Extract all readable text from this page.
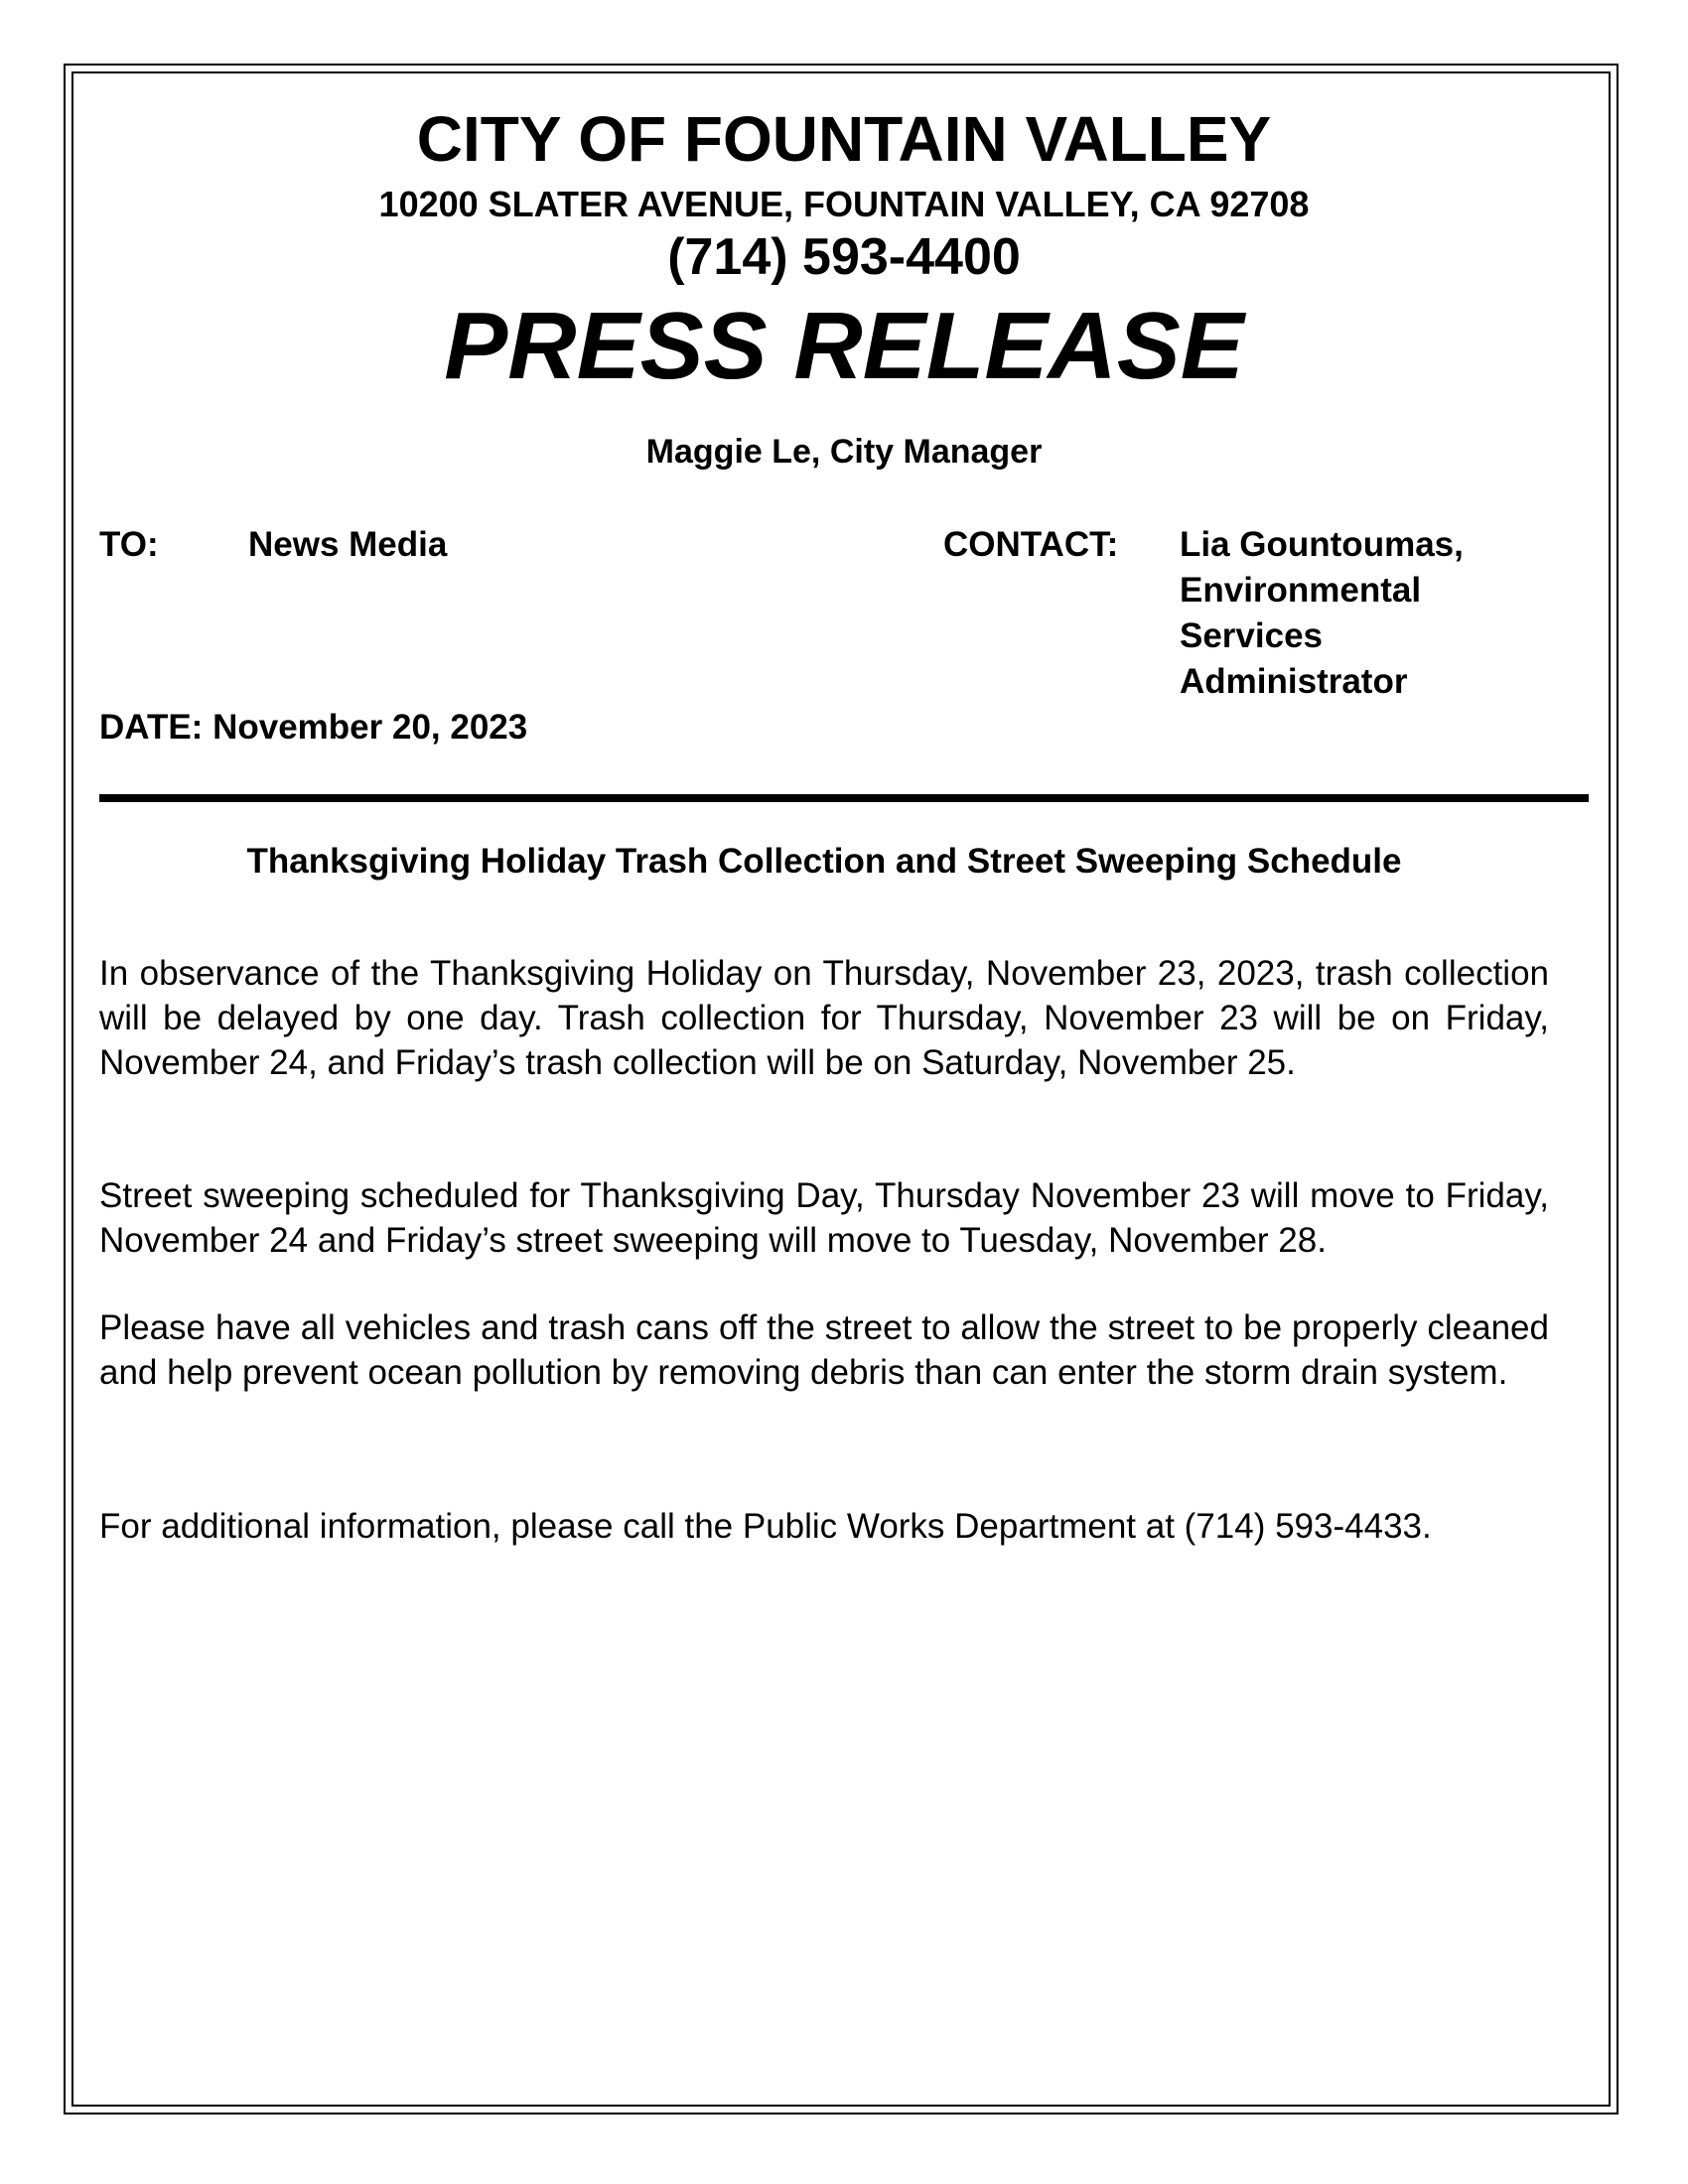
CITY OF FOUNTAIN VALLEY
10200 SLATER AVENUE, FOUNTAIN VALLEY, CA 92708
(714) 593-4400
PRESS RELEASE
Maggie Le, City Manager
TO:	News Media	CONTACT: Lia Gountoumas,
Environmental
Services
Administrator
DATE: November 20, 2023
Thanksgiving Holiday Trash Collection and Street Sweeping Schedule
In observance of the Thanksgiving Holiday on Thursday, November 23, 2023, trash collection will be delayed by one day. Trash collection for Thursday, November 23 will be on Friday, November 24, and Friday’s trash collection will be on Saturday, November 25.
Street sweeping scheduled for Thanksgiving Day, Thursday November 23 will move to Friday, November 24 and Friday’s street sweeping will move to Tuesday, November 28.
Please have all vehicles and trash cans off the street to allow the street to be properly cleaned and help prevent ocean pollution by removing debris than can enter the storm drain system.
For additional information, please call the Public Works Department at (714) 593-4433.
